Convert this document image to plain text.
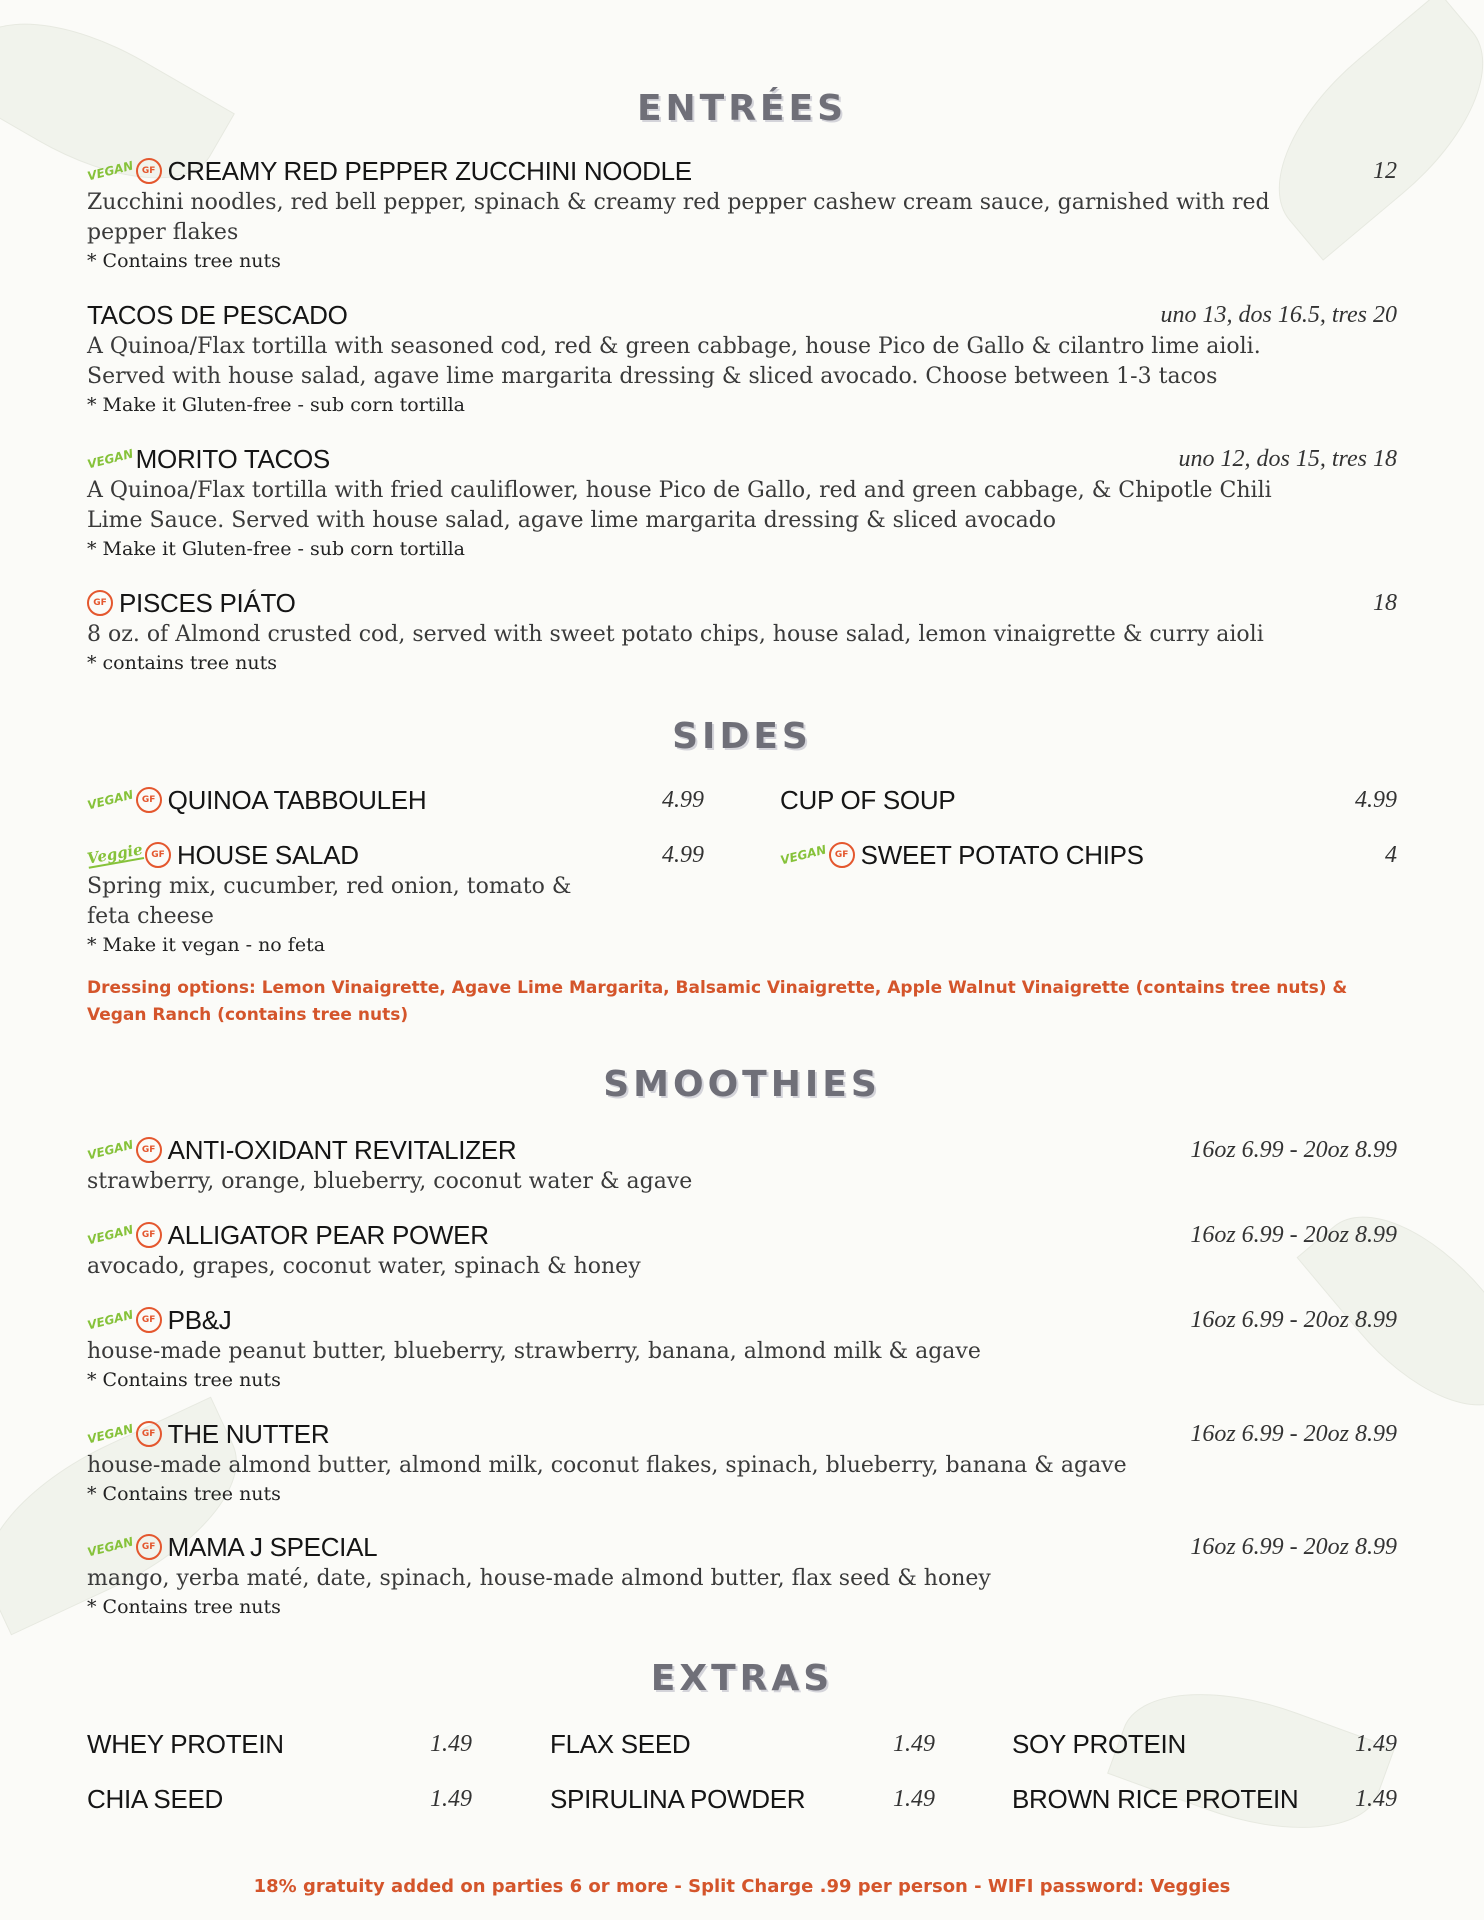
ENTRÉES
VEGAN GF CREAMY RED PEPPER ZUCCHINI NOODLE	12
Zucchini noodles, red bell pepper, spinach & creamy red pepper cashew cream sauce, garnished with red pepper flakes
* Contains tree nuts
TACOS DE PESCADO	uno 13, dos 16.5, tres 20
A Quinoa/Flax tortilla with seasoned cod, red & green cabbage, house Pico de Gallo & cilantro lime aioli. Served with house salad, agave lime margarita dressing & sliced avocado. Choose between 1-3 tacos
* Make it Gluten-free - sub corn tortilla
VEGANMORITO TACOS	uno 12, dos 15, tres 18
A Quinoa/Flax tortilla with fried cauliflower, house Pico de Gallo, red and green cabbage, & Chipotle Chili Lime Sauce. Served with house salad, agave lime margarita dressing & sliced avocado
* Make it Gluten-free - sub corn tortilla
GF PISCES PIÁTO	18
8 oz. of Almond crusted cod, served with sweet potato chips, house salad, lemon vinaigrette & curry aioli
* contains tree nuts
SIDES
VEGAN GF QUINOA TABBOULEH	4.99	CUP OF SOUP	4.99
Veggie GF HOUSE SALAD	4.99
Spring mix, cucumber, red onion, tomato & feta cheese
* Make it vegan - no feta
VEGAN GF SWEET POTATO CHIPS	4
Dressing options: Lemon Vinaigrette, Agave Lime Margarita, Balsamic Vinaigrette, Apple Walnut Vinaigrette (contains tree nuts) & Vegan Ranch (contains tree nuts)
SMOOTHIES
VEGAN GF ANTI-OXIDANT REVITALIZER	16oz 6.99 - 20oz 8.99
strawberry, orange, blueberry, coconut water & agave
VEGAN GF ALLIGATOR PEAR POWER	16oz 6.99 - 20oz 8.99
avocado, grapes, coconut water, spinach & honey
VEGAN GF PB&J	16oz 6.99 - 20oz 8.99
house-made peanut butter, blueberry, strawberry, banana, almond milk & agave
* Contains tree nuts
VEGAN GF THE NUTTER	16oz 6.99 - 20oz 8.99
house-made almond butter, almond milk, coconut flakes, spinach, blueberry, banana & agave
* Contains tree nuts
VEGAN GF MAMA J SPECIAL	16oz 6.99 - 20oz 8.99
mango, yerba maté, date, spinach, house-made almond butter, flax seed & honey
* Contains tree nuts
EXTRAS
WHEY PROTEIN	1.49	FLAX SEED	1.49	SOY PROTEIN	1.49
CHIA SEED	1.49	SPIRULINA POWDER	1.49	BROWN RICE PROTEIN 1.49
18% gratuity added on parties 6 or more - Split Charge .99 per person - WIFI password: Veggies
